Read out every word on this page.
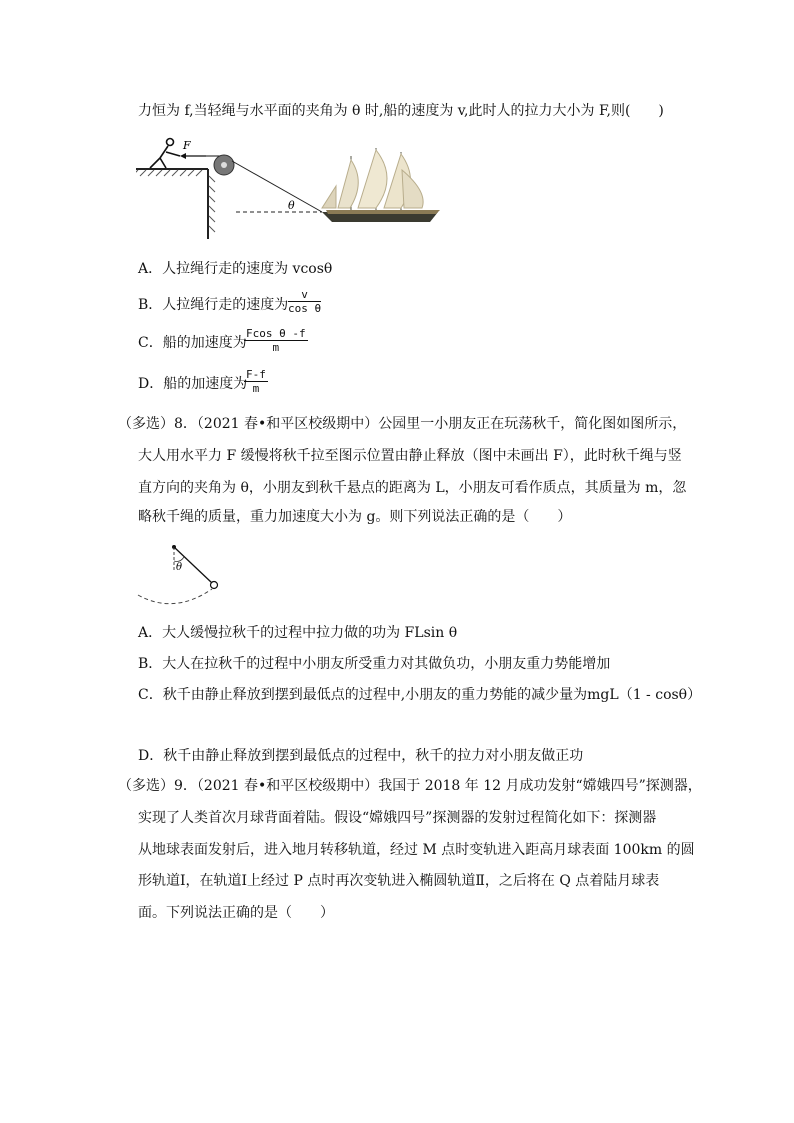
力恒为 f,当轻绳与水平面的夹角为 θ 时,船的速度为 v,此时人的拉力大小为 F,则(　　)
F
θ
A．人拉绳行走的速度为 vcosθ
B．人拉绳行走的速度为 $\frac{v}{\text{cos θ}}$
C．船的加速度为
$\frac{\text{Fcos θ -f}}{m}$
D．船的加速度为
$\frac{F-f}{m}$
（多选）8．（2021 春•和平区校级期中）公园里一小朋友正在玩荡秋千，简化图如图所示，
大人用水平力 F 缓慢将秋千拉至图示位置由静止释放（图中未画出 F），此时秋千绳与竖
直方向的夹角为 θ，小朋友到秋千悬点的距离为 L，小朋友可看作质点，其质量为 m，忽
略秋千绳的质量，重力加速度大小为 g。则下列说法正确的是（　　）
θ
A．大人缓慢拉秋千的过程中拉力做的功为 FLsin θ
B．大人在拉秋千的过程中小朋友所受重力对其做负功，小朋友重力势能增加
C．秋千由静止释放到摆到最低点的过程中,小朋友的重力势能的减少量为mgL（1 - cosθ）
D．秋千由静止释放到摆到最低点的过程中，秋千的拉力对小朋友做正功
（多选）9．（2021 春•和平区校级期中）我国于 2018 年 12 月成功发射“嫦娥四号”探测器，
实现了人类首次月球背面着陆。假设“嫦娥四号”探测器的发射过程简化如下：探测器
从地球表面发射后，进入地月转移轨道，经过 M 点时变轨进入距高月球表面 100km 的圆
形轨道Ⅰ，在轨道Ⅰ上经过 P 点时再次变轨进入椭圆轨道Ⅱ，之后将在 Q 点着陆月球表
面。下列说法正确的是（　　）
